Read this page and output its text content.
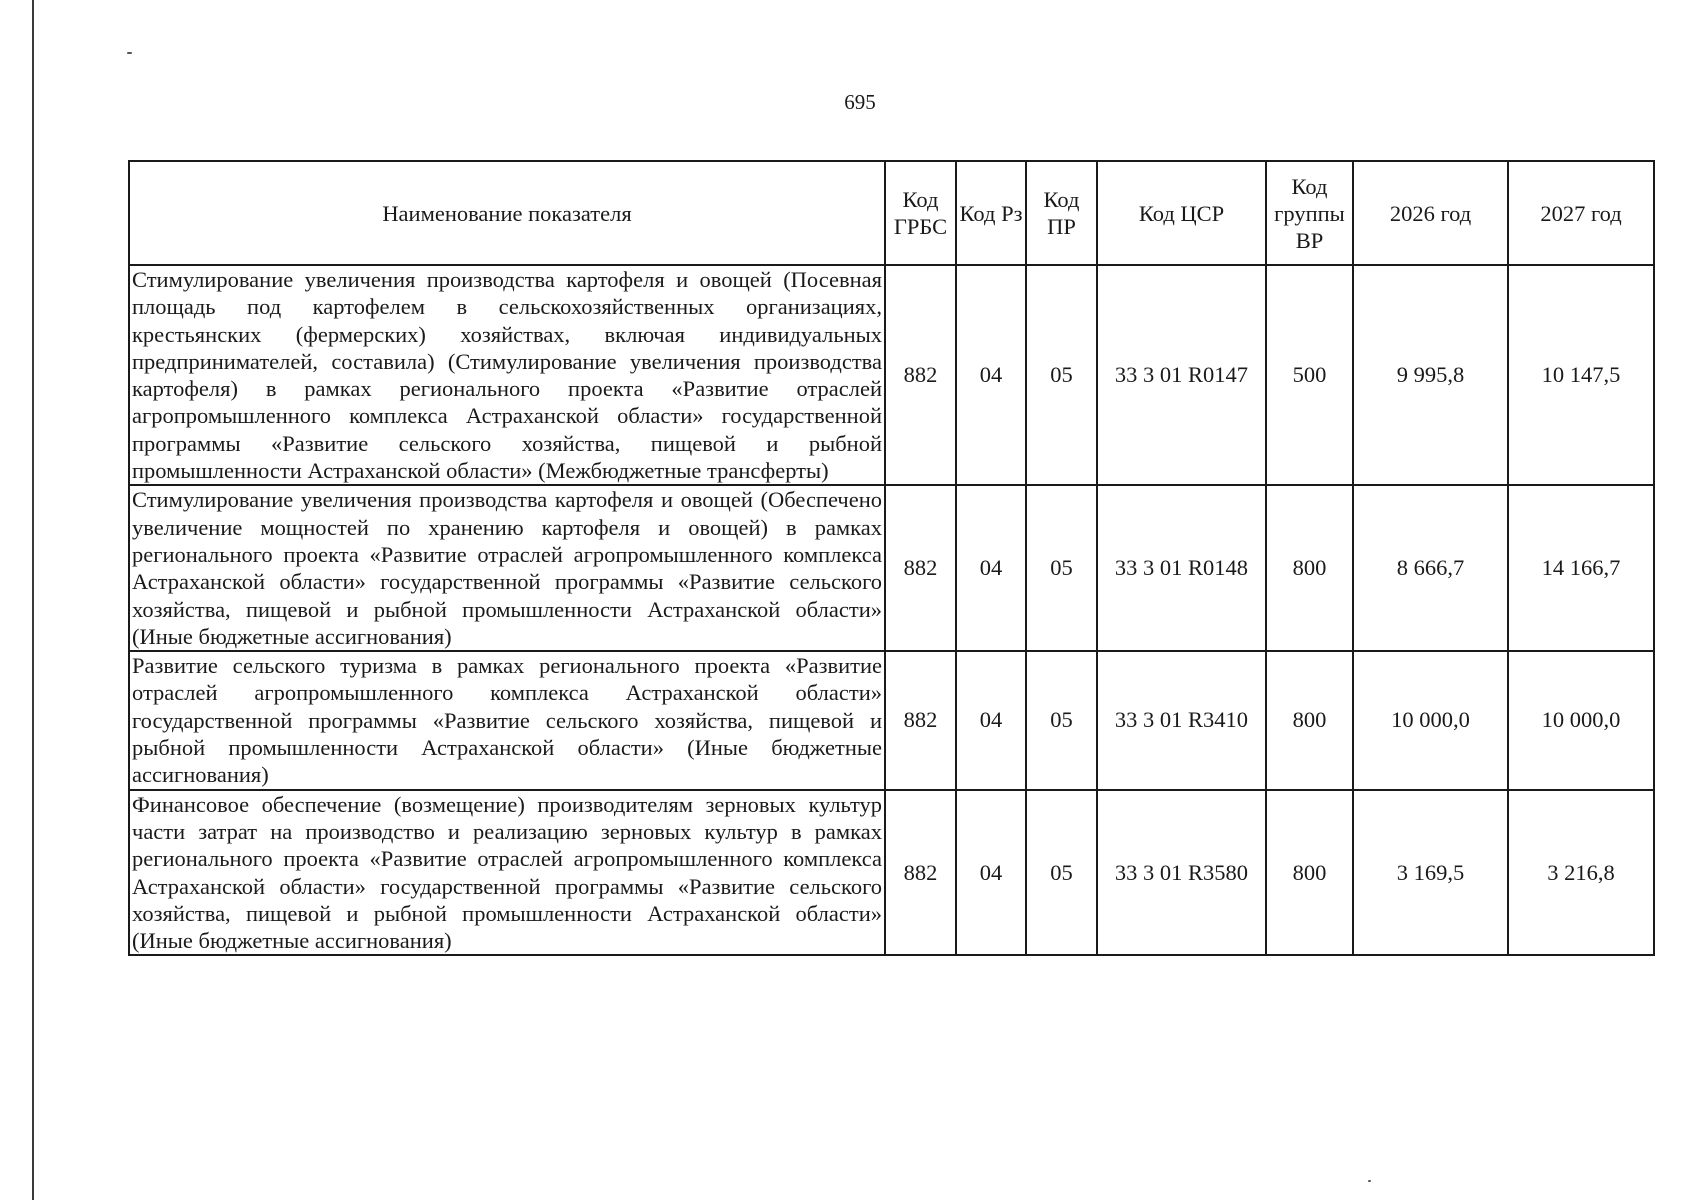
695
Наименование показателя	Код ГРБС	Код Рз	Код ПР	Код ЦСР	Код группы ВР	2026 год	2027 год
Стимулирование увеличения производства картофеля и овощей (Посевная площадь под картофелем в сельскохозяйственных организациях, крестьянских (фермерских) хозяйствах, включая индивидуальных предпринимателей, составила) (Стимулирование увеличения производства картофеля) в рамках регионального проекта «Развитие отраслей агропромышленного комплекса Астраханской области» государственной программы «Развитие сельского хозяйства, пищевой и рыбной промышленности Астраханской области» (Межбюджетные трансферты)	882	04	05	33 3 01 R0147	500	9 995,8	10 147,5
Стимулирование увеличения производства картофеля и овощей (Обеспечено увеличение мощностей по хранению картофеля и овощей) в рамках регионального проекта «Развитие отраслей агропромышленного комплекса Астраханской области» государственной программы «Развитие сельского хозяйства, пищевой и рыбной промышленности Астраханской области» (Иные бюджетные ассигнования)	882	04	05	33 3 01 R0148	800	8 666,7	14 166,7
Развитие сельского туризма в рамках регионального проекта «Развитие отраслей агропромышленного комплекса Астраханской области» государственной программы «Развитие сельского хозяйства, пищевой и рыбной промышленности Астраханской области» (Иные бюджетные ассигнования)	882	04	05	33 3 01 R3410	800	10 000,0	10 000,0
Финансовое обеспечение (возмещение) производителям зерновых культур части затрат на производство и реализацию зерновых культур в рамках регионального проекта «Развитие отраслей агропромышленного комплекса Астраханской области» государственной программы «Развитие сельского хозяйства, пищевой и рыбной промышленности Астраханской области» (Иные бюджетные ассигнования)	882	04	05	33 3 01 R3580	800	3 169,5	3 216,8
